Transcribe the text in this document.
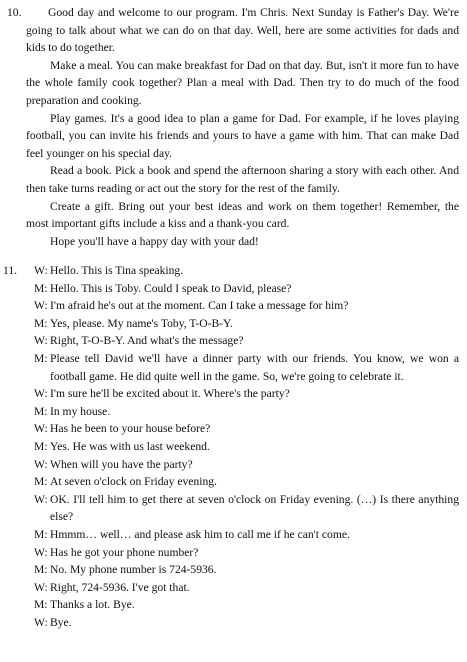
10.	Good day and welcome to our program. I'm Chris. Next Sunday is Father's Day. We're going to talk about what we can do on that day. Well, here are some activities for dads and kids to do together.

Make a meal. You can make breakfast for Dad on that day. But, isn't it more fun to have the whole family cook together? Plan a meal with Dad. Then try to do much of the food preparation and cooking.

Play games. It's a good idea to plan a game for Dad. For example, if he loves playing football, you can invite his friends and yours to have a game with him. That can make Dad feel younger on his special day.

Read a book. Pick a book and spend the afternoon sharing a story with each other. And then take turns reading or act out the story for the rest of the family.

Create a gift. Bring out your best ideas and work on them together! Remember, the most important gifts include a kiss and a thank-you card.

Hope you'll have a happy day with your dad!

11. W: Hello. This is Tina speaking.
M: Hello. This is Toby. Could I speak to David, please?
W: I'm afraid he's out at the moment. Can I take a message for him?
M: Yes, please. My name's Toby, T-O-B-Y.
W: Right, T-O-B-Y. And what's the message?
M: Please tell David we'll have a dinner party with our friends. You know, we won a football game. He did quite well in the game. So, we're going to celebrate it.
W: I'm sure he'll be excited about it. Where's the party?
M: In my house.
W: Has he been to your house before?
M: Yes. He was with us last weekend.
W: When will you have the party?
M: At seven o'clock on Friday evening.
W: OK. I'll tell him to get there at seven o'clock on Friday evening. (…) Is there anything else?
M: Hmmm… well… and please ask him to call me if he can't come.
W: Has he got your phone number?
M: No. My phone number is 724-5936.
W: Right, 724-5936. I've got that.
M: Thanks a lot. Bye.
W: Bye.
